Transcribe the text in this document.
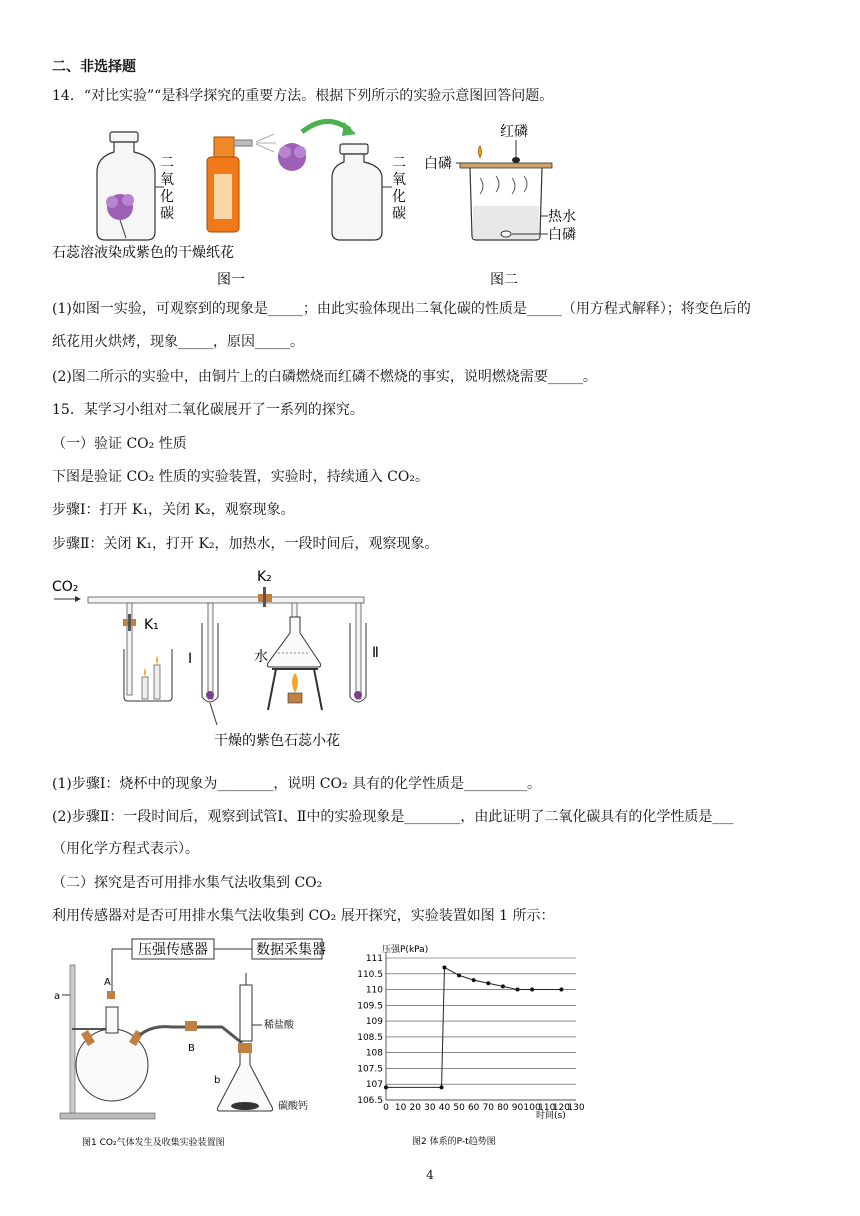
二、非选择题
14．“对比实验”“是科学探究的重要方法。根据下列所示的实验示意图回答问题。
二
氧
化
碳
石蕊溶液染成紫色的干燥纸花
二
氧
化
碳
图一
红磷
白磷
热水
白磷
图二
(1)如图一实验，可观察到的现象是_____；由此实验体现出二氧化碳的性质是_____（用方程式解释）；将变色后的
纸花用火烘烤，现象_____，原因_____。
(2)图二所示的实验中，由铜片上的白磷燃烧而红磷不燃烧的事实，说明燃烧需要_____。
15．某学习小组对二氧化碳展开了一系列的探究。
（一）验证 CO₂ 性质
下图是验证 CO₂ 性质的实验装置，实验时，持续通入 CO₂。
步骤Ⅰ：打开 K₁，关闭 K₂，观察现象。
步骤Ⅱ：关闭 K₁，打开 K₂，加热水，一段时间后，观察现象。
CO₂
K₁
Ⅰ
K₂
水	Ⅱ
干燥的紫色石蕊小花
(1)步骤Ⅰ：烧杯中的现象为________，说明 CO₂ 具有的化学性质是_________。
(2)步骤Ⅱ：一段时间后，观察到试管Ⅰ、Ⅱ中的实验现象是________，由此证明了二氧化碳具有的化学性质是___
（用化学方程式表示）。
（二）探究是否可用排水集气法收集到 CO₂
利用传感器对是否可用排水集气法收集到 CO₂ 展开探究，实验装置如图 1 所示：
压强传感器	数据采集器
a
A
B
稀盐酸
b
碳酸钙
图1 CO₂气体发生及收集实验装置图
压强P(kPa)
时间(s)
图2 体系的P-t趋势图
106.5
107
107.5
108
108.5
109
109.5
110
110.5
111
0 10 20 30 40 50 60 70 80 90 100
110
120
130
4
